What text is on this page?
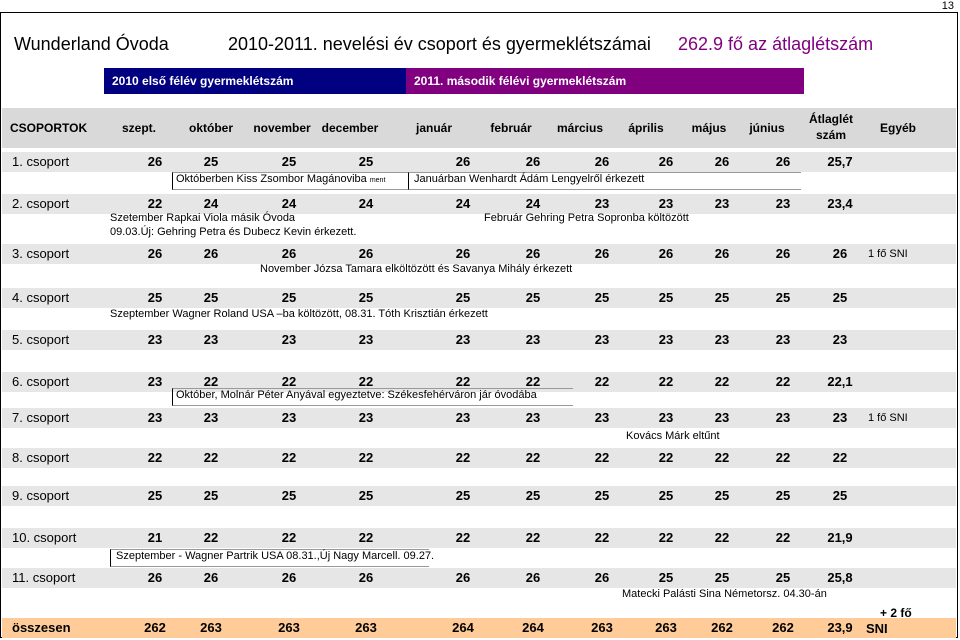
13
Wunderland Óvoda	2010-2011. nevelési év csoport és gyermeklétszámai 262.9 fő az átlaglétszám
2010 első félév gyermeklétszám	2011. második félévi gyermeklétszám
CSOPORTOK	szept.	október november december	január	február március április május június
Átlaglét
szám	Egyéb
1. csoport	26	25	25	25	26	26	26	26	26	26	25,7
2. csoport	22	24	24	24	24	24	23	23	23	23	23,4
3. csoport	26	26	26	26	26	26	26	26	26	26	26 1 fő SNI
4. csoport	25	25	25	25	25	25	25	25	25	25	25
5. csoport	23	23	23	23	23	23	23	23	23	23	23
6. csoport	23	22	22	22	22	22	22	22	22	22	22,1
7. csoport	23	23	23	23	23	23	23	23	23	23	23 1 fő SNI
8. csoport	22	22	22	22	22	22	22	22	22	22	22
9. csoport	25	25	25	25	25	25	25	25	25	25	25
10. csoport	21	22	22	22	22	22	22	22	22	22	21,9
11. csoport	26	26	26	26	26	26	26	25	25	25	25,8
Októberben Kiss Zsombor Magánoviba ment	Januárban Wenhardt Ádám Lengyelről érkezett
Szetember Rapkai Viola másik Óvoda	Február Gehring Petra Sopronba költözött
09.03.Új: Gehring Petra és Dubecz Kevin érkezett.
November Józsa Tamara elköltözött és Savanya Mihály érkezett
Szeptember Wagner Roland USA –ba költözött, 08.31. Tóth Krisztián érkezett
Október, Molnár Péter Anyával egyeztetve: Székesfehérváron jár óvodába
Kovács Márk eltűnt
Szeptember - Wagner Partrik USA 08.31.,Új Nagy Marcell. 09.27.
Matecki Palásti Sina Németorsz. 04.30-án
összesen	262	263	263	263	264	264	263	263	262	262	23,9
+ 2 fő
SNI
